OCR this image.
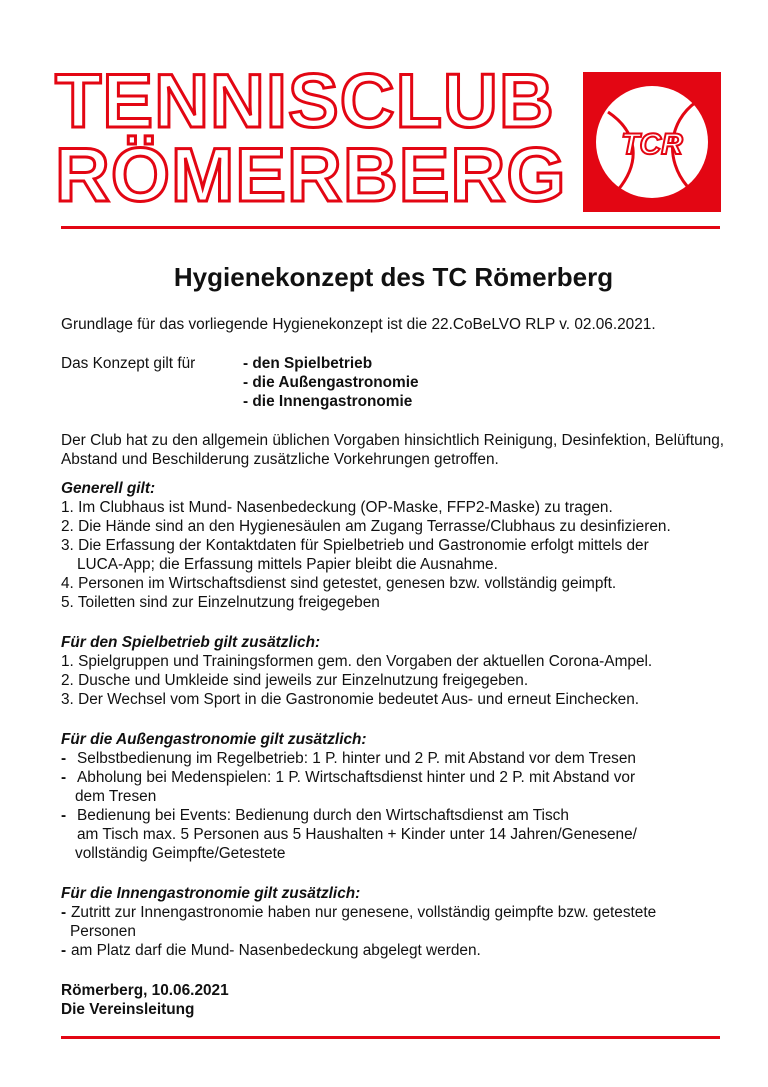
TENNISCLUB
RÖMERBERG TCR
Hygienekonzept des TC Römerberg

Grundlage für das vorliegende Hygienekonzept ist die 22.CoBeLVO RLP v. 02.06.2021.

Das Konzept gilt für	- den Spielbetrieb
- die Außengastronomie
- die Innengastronomie

Der Club hat zu den allgemein üblichen Vorgaben hinsichtlich Reinigung, Desinfektion, Belüftung, Abstand und Beschilderung zusätzliche Vorkehrungen getroffen.

Generell gilt:
1. Im Clubhaus ist Mund- Nasenbedeckung (OP-Maske, FFP2-Maske) zu tragen.
2. Die Hände sind an den Hygienesäulen am Zugang Terrasse/Clubhaus zu desinfizieren.
3. Die Erfassung der Kontaktdaten für Spielbetrieb und Gastronomie erfolgt mittels der
LUCA-App; die Erfassung mittels Papier bleibt die Ausnahme.
4. Personen im Wirtschaftsdienst sind getestet, genesen bzw. vollständig geimpft.
5. Toiletten sind zur Einzelnutzung freigegeben
Für den Spielbetrieb gilt zusätzlich:
1. Spielgruppen und Trainingsformen gem. den Vorgaben der aktuellen Corona-Ampel.
2. Dusche und Umkleide sind jeweils zur Einzelnutzung freigegeben.
3. Der Wechsel vom Sport in die Gastronomie bedeutet Aus- und erneut Einchecken.
Für die Außengastronomie gilt zusätzlich:
- Selbstbedienung im Regelbetrieb: 1 P. hinter und 2 P. mit Abstand vor dem Tresen
- Abholung bei Medenspielen: 1 P. Wirtschaftsdienst hinter und 2 P. mit Abstand vor
dem Tresen
- Bedienung bei Events: Bedienung durch den Wirtschaftsdienst am Tisch
am Tisch max. 5 Personen aus 5 Haushalten + Kinder unter 14 Jahren/Genesene/
vollständig Geimpfte/Getestete
Für die Innengastronomie gilt zusätzlich:
- Zutritt zur Innengastronomie haben nur genesene, vollständig geimpfte bzw. getestete
Personen
- am Platz darf die Mund- Nasenbedeckung abgelegt werden.
Römerberg, 10.06.2021
Die Vereinsleitung
